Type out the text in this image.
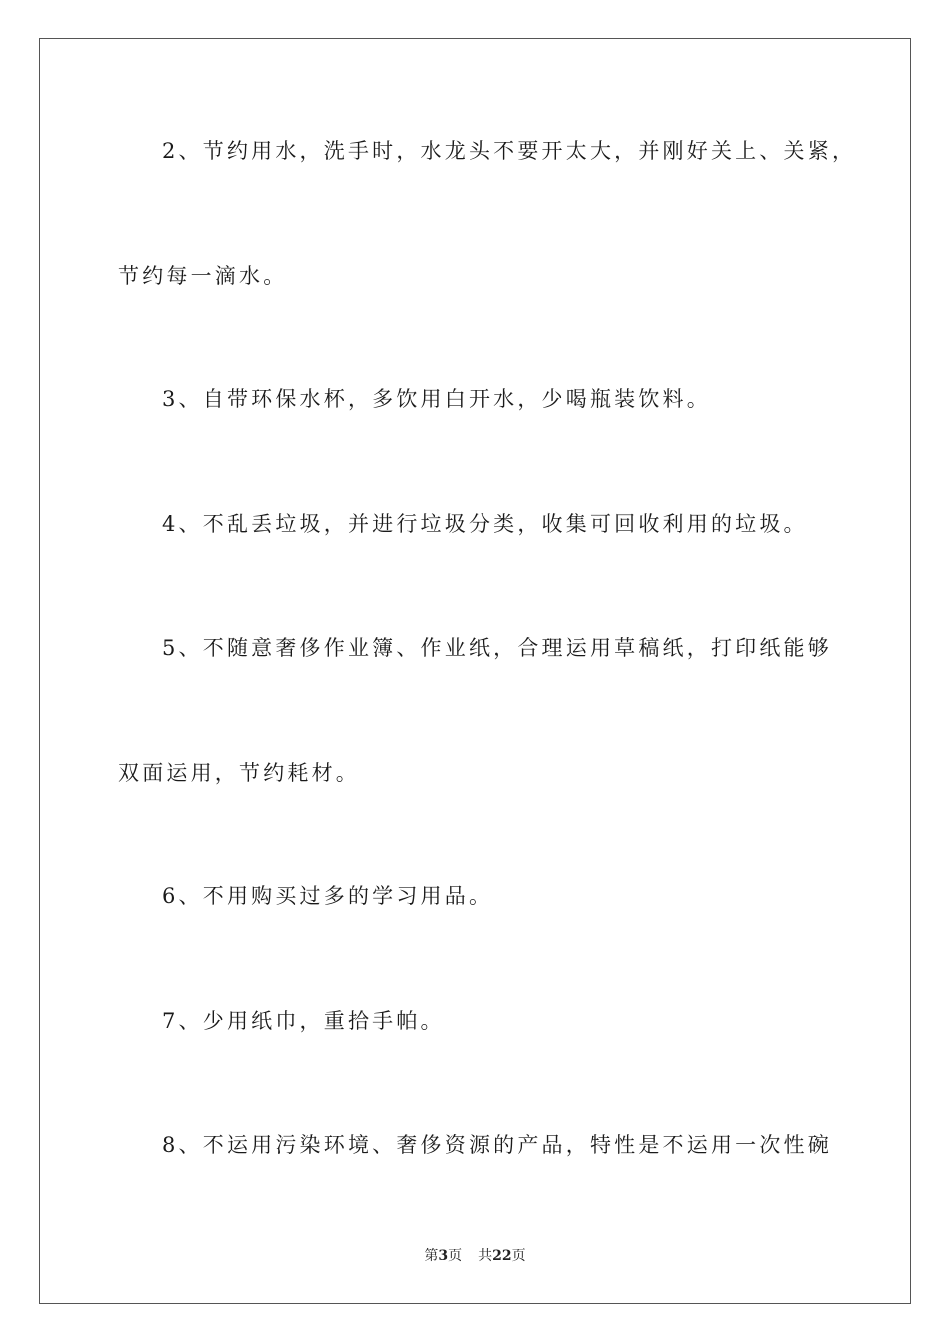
2、节约用水，洗手时，水龙头不要开太大，并刚好关上、关紧，
节约每一滴水。
3、自带环保水杯，多饮用白开水，少喝瓶装饮料。
4、不乱丢垃圾，并进行垃圾分类，收集可回收利用的垃圾。
5、不随意奢侈作业簿、作业纸，合理运用草稿纸，打印纸能够
双面运用，节约耗材。
6、不用购买过多的学习用品。
7、少用纸巾，重拾手帕。
8、不运用污染环境、奢侈资源的产品，特性是不运用一次性碗
第3页 共22页
